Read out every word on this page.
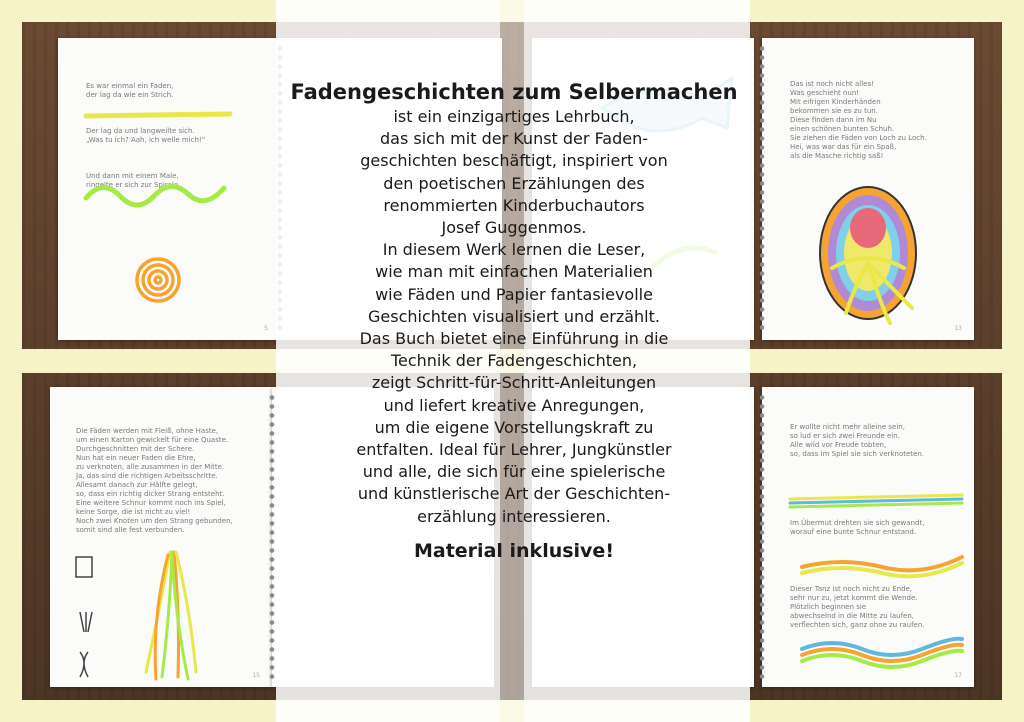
Es war einmal ein Faden,
der lag da wie ein Strich.

Der lag da und langweilte sich.
„Was tu ich? Aah, ich welle mich!“

Und dann mit einem Male,
ringelte er sich zur Spirale.
5
Das ist noch nicht alles!
Was geschieht nun!
Mit eifrigen Kinderhänden
bekommen sie es zu tun.
Diese finden dann im Nu
einen schönen bunten Schuh.
Sie ziehen die Fäden von Loch zu Loch.
Hei, was war das für ein Spaß,
als die Masche richtig saß!
13
Die Fäden werden mit Fleiß, ohne Haste,
um einen Karton gewickelt für eine Quaste.
Durchgeschnitten mit der Schere.
Nun hat ein neuer Faden die Ehre,
zu verknoten, alle zusammen in der Mitte.
Ja, das sind die richtigen Arbeitsschritte.
Allesamt danach zur Hälfte gelegt,
so, dass ein richtig dicker Strang entsteht.
Eine weitere Schnur kommt noch ins Spiel,
keine Sorge, die ist nicht zu viel!
Noch zwei Knoten um den Strang gebunden,
somit sind alle fest verbunden.
15
Er wollte nicht mehr alleine sein,
so lud er sich zwei Freunde ein.
Alle wild vor Freude tobten,
so, dass im Spiel sie sich verknoteten.
Im Übermut drehten sie sich gewandt,
worauf eine bunte Schnur entstand.
Dieser Tanz ist noch nicht zu Ende,
sehr nur zu, jetzt kommt die Wende.
Plötzlich beginnen sie
abwechselnd in die Mitte zu laufen,
verflechten sich, ganz ohne zu raufen.
17
Fadengeschichten zum Selbermachen
ist ein einzigartiges Lehrbuch,
das sich mit der Kunst der Faden-
geschichten beschäftigt, inspiriert von
den poetischen Erzählungen des
renommierten Kinderbuchautors
Josef Guggenmos.
In diesem Werk lernen die Leser,
wie man mit einfachen Materialien
wie Fäden und Papier fantasievolle
Geschichten visualisiert und erzählt.
Das Buch bietet eine Einführung in die
Technik der Fadengeschichten,
zeigt Schritt-für-Schritt-Anleitungen
und liefert kreative Anregungen,
um die eigene Vorstellungskraft zu
entfalten. Ideal für Lehrer, Jungkünstler
und alle, die sich für eine spielerische
und künstlerische Art der Geschichten-
erzählung interessieren.
Material inklusive!
